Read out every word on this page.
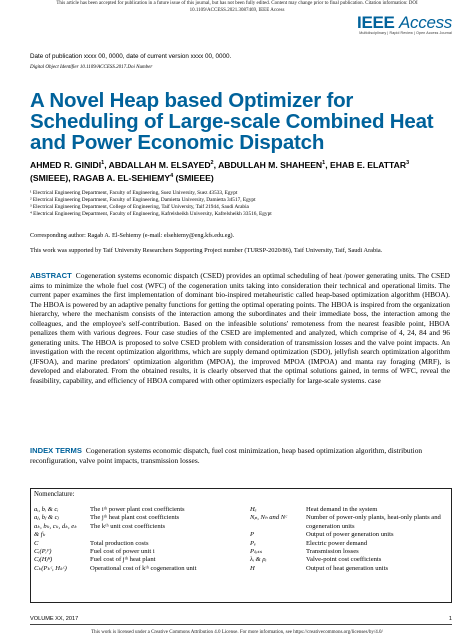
This article has been accepted for publication in a future issue of this journal, but has not been fully edited. Content may change prior to final publication. Citation information: DOI
10.1109/ACCESS.2021.3087469, IEEE Access
IEEE Access
Multidisciplinary | Rapid Review | Open Access Journal
Date of publication xxxx 00, 0000, date of current version xxxx 00, 0000.
Digital Object Identifier 10.1109/ACCESS.2017.Doi Number
A Novel Heap based Optimizer for Scheduling of Large-scale Combined Heat and Power Economic Dispatch
AHMED R. GINIDI$^1$, ABDALLAH M. ELSAYED$^2$, ABDULLAH M. SHAHEEN$^1$, EHAB E. ELATTAR$^3$ (SMIEEE), RAGAB A. EL-SEHIEMY$^4$ (SMIEEE)
¹ Electrical Engineering Department, Faculty of Engineering, Suez University, Suez 43533, Egypt
² Electrical Engineering Department, Faculty of Engineering, Damietta University, Damietta 34517, Egypt
³ Electrical Engineering Department, College of Engineering, Taif University, Taif 21944, Saudi Arabia
⁴ Electrical Engineering Department, Faculty of Engineering, Kafrelsheikh University, Kafrelsheikh 33516, Egypt
Corresponding author: Ragab A. El-Sehiemy (e-mail: elsehiemy@eng.kfs.edu.eg).
This work was supported by Taif University Researchers Supporting Project number (TURSP-2020/86), Taif University, Taif, Saudi Arabia.
ABSTRACT Cogeneration systems economic dispatch (CSED) provides an optimal scheduling of heat /power generating units. The CSED aims to minimize the whole fuel cost (WFC) of the cogeneration units taking into consideration their technical and operational limits. The current paper examines the first implementation of dominant bio-inspired metaheuristic called heap-based optimization algorithm (HBOA). The HBOA is powered by an adaptive penalty functions for getting the optimal operating points. The HBOA is inspired from the organization hierarchy, where the mechanism consists of the interaction among the subordinates and their immediate boss, the interaction among the colleagues, and the employee's self-contribution. Based on the infeasible solutions' remoteness from the nearest feasible point, HBOA penalizes them with various degrees. Four case studies of the CSED are implemented and analyzed, which comprise of 4, 24, 84 and 96 generating units. The HBOA is proposed to solve CSED problem with consideration of transmission losses and the valve point impacts. An investigation with the recent optimization algorithms, which are supply demand optimization (SDO), jellyfish search optimization algorithm (JFSOA), and marine predators' optimization algorithm (MPOA), the improved MPOA (IMPOA) and manta ray foraging (MRF), is developed and elaborated. From the obtained results, it is clearly observed that the optimal solutions gained, in terms of WFC, reveal the feasibility, capability, and efficiency of HBOA compared with other optimizers especially for large-scale systems. case
INDEX TERMS Cogeneration systems economic dispatch, fuel cost minimization, heap based optimization algorithm, distribution reconfiguration, valve point impacts, transmission losses.
Nomenclature:
aᵢ, bᵢ & cᵢ	The iᵗʰ power plant cost coefficients
aⱼ, bⱼ & cⱼ	The jᵗʰ heat plant cost coefficients
aₖ, bₖ, cₖ, dₖ, eₖ	The kᵗʰ unit cost coefficients
& fₖ
C	Total production costs
Cᵢ(Pᵢᴾ)	Fuel cost of power unit i
Cⱼ(Hⱼᴴ)	Fuel cost of jᵗʰ heat plant
Cₖ(Pₖᶜ, Hₖᶜ)	Operational cost of kᵗʰ cogeneration unit
Hₑ	Heat demand in the system
Nₚ, Nₕ and Nᶜ	Number of power-only plants, heat-only plants and cogeneration units
P	Output of power generation units
Pₑ	Electric power demand
Pₗₒₛₛ	Transmission losses
λᵢ & ρᵢ	Valve-point cost coefficients
H	Output of heat generation units
VOLUME XX, 2017	1
This work is licensed under a Creative Commons Attribution 4.0 License. For more information, see https://creativecommons.org/licenses/by/4.0/
